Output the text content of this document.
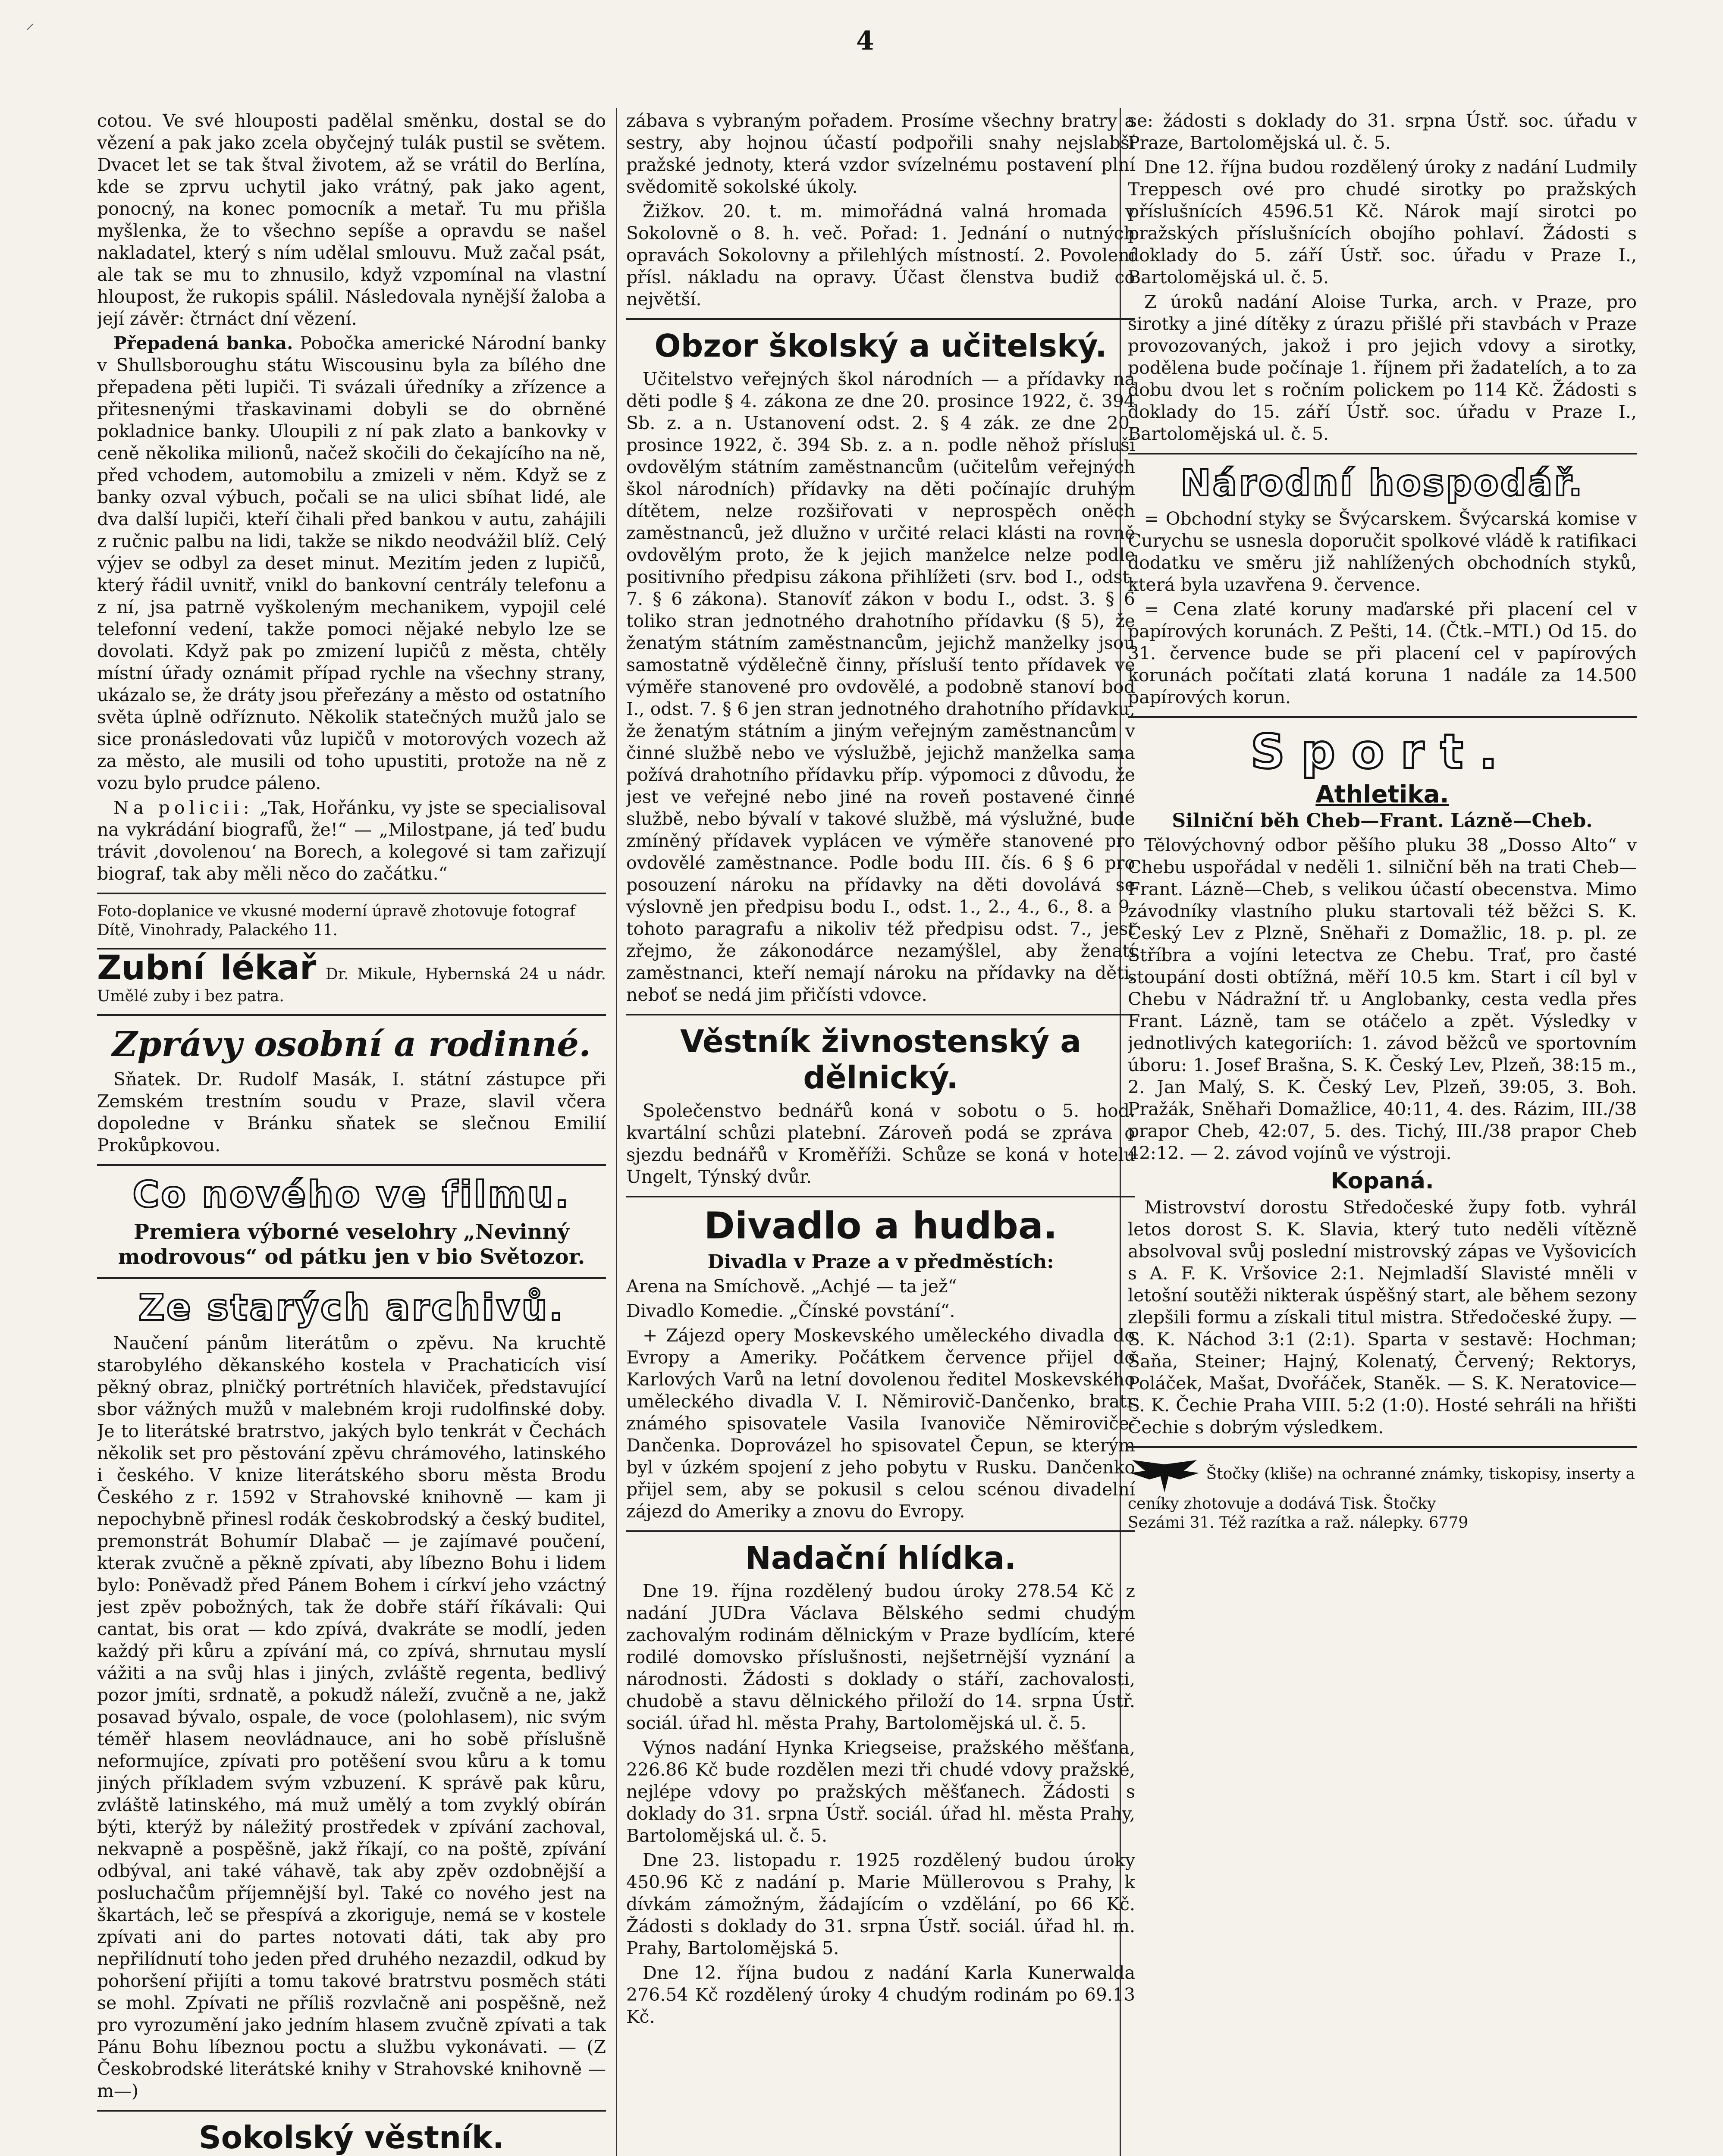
⸍	4

cotou. Ve své hlouposti padělal směnku, dostal se do vězení a pak jako zcela obyčejný tulák pustil se světem. Dvacet let se tak štval životem, až se vrátil do Berlína, kde se zprvu uchytil jako vrátný, pak jako agent, ponocný, na konec pomocník a metař. Tu mu přišla myšlenka, že to všechno sepíše a opravdu se našel nakladatel, který s ním udělal smlouvu. Muž začal psát, ale tak se mu to zhnusilo, když vzpomínal na vlastní hloupost, že rukopis spálil. Následovala nynější žaloba a její závěr: čtrnáct dní vězení.

Přepadená banka. Pobočka americké Národní banky v Shullsboroughu státu Wiscousinu byla za bílého dne přepadena pěti lupiči. Ti svázali úředníky a zřízence a přitesnenými třaskavinami dobyli se do obrněné pokladnice banky. Uloupili z ní pak zlato a bankovky v ceně několika milionů, načež skočili do čekajícího na ně, před vchodem, automobilu a zmizeli v něm. Když se z banky ozval výbuch, počali se na ulici sbíhat lidé, ale dva další lupiči, kteří čihali před bankou v autu, zahájili z ručnic palbu na lidi, takže se nikdo neodvážil blíž. Celý výjev se odbyl za deset minut. Mezitím jeden z lupičů, který řádil uvnitř, vnikl do bankovní centrály telefonu a z ní, jsa patrně vyškoleným mechanikem, vypojil celé telefonní vedení, takže pomoci nějaké nebylo lze se dovolati. Když pak po zmizení lupičů z města, chtěly místní úřady oznámit případ rychle na všechny strany, ukázalo se, že dráty jsou přeřezány a město od ostatního světa úplně odříznuto. Několik statečných mužů jalo se sice pronásledovati vůz lupičů v motorových vozech až za město, ale musili od toho upustiti, protože na ně z vozu bylo prudce páleno.

Na policii: „Tak, Hořánku, vy jste se specialisoval na vykrádání biografů, že!“ — „Milostpane, já teď budu trávit ‚dovolenou‘ na Borech, a kolegové si tam zařizují biograf, tak aby měli něco do začátku.“

Foto-doplanice ve vkusné moderní úpravě zhotovuje fotograf Dítě, Vinohrady, Palackého 11.
Zubní lékař Dr. Mikule, Hybernská 24 u nádr. Umělé zuby i bez patra.
Zprávy osobní a rodinné.

Sňatek. Dr. Rudolf Masák, I. státní zástupce při Zemském trestním soudu v Praze, slavil včera dopoledne v Bránku sňatek se slečnou Emilií Prokůpkovou.

Co nového ve filmu.

Premiera výborné veselohry „Nevinný modrovous“ od pátku jen v bio Světozor.

Ze starých archivů.

Naučení pánům literátům o zpěvu. Na kruchtě starobylého děkanského kostela v Prachaticích visí pěkný obraz, plničký portrétních hlaviček, představující sbor vážných mužů v malebném kroji rudolfinské doby. Je to literátské bratrstvo, jakých bylo tenkrát v Čechách několik set pro pěstování zpěvu chrámového, latinského i českého. V knize literátského sboru města Brodu Českého z r. 1592 v Strahovské knihovně — kam ji nepochybně přinesl rodák českobrodský a český buditel, premonstrát Bohumír Dlabač — je zajímavé poučení, kterak zvučně a pěkně zpívati, aby líbezno Bohu i lidem bylo: Poněvadž před Pánem Bohem i církví jeho vzáctný jest zpěv pobožných, tak že dobře stáří říkávali: Qui cantat, bis orat — kdo zpívá, dvakráte se modlí, jeden každý při kůru a zpívání má, co zpívá, shrnutau myslí vážiti a na svůj hlas i jiných, zvláště regenta, bedlivý pozor jmíti, srdnatě, a pokudž náleží, zvučně a ne, jakž posavad bývalo, ospale, de voce (polohlasem), nic svým téměř hlasem neovládnauce, ani ho sobě příslušně neformujíce, zpívati pro potěšení svou kůru a k tomu jiných příkladem svým vzbuzení. K správě pak kůru, zvláště latinského, má muž umělý a tom zvyklý obírán býti, kterýž by náležitý prostředek v zpívání zachoval, nekvapně a pospěšně, jakž říkají, co na poště, zpívání odbýval, ani také váhavě, tak aby zpěv ozdobnější a posluchačům příjemnější byl. Také co nového jest na škartách, leč se přespívá a zkoriguje, nemá se v kostele zpívati ani do partes notovati dáti, tak aby pro nepřilídnutí toho jeden před druhého nezazdil, odkud by pohoršení přijíti a tomu takové bratrstvu posměch státi se mohl. Zpívati ne příliš rozvlačně ani pospěšně, než pro vyrozumění jako jedním hlasem zvučně zpívati a tak Pánu Bohu líbeznou poctu a službu vykonávati. — (Z Českobrodské literátské knihy v Strahovské knihovně —m—)

Sokolský věstník.

zábava s vybraným pořadem. Prosíme všechny bratry a sestry, aby hojnou účastí podpořili snahy nejslabší pražské jednoty, která vzdor svízelnému postavení plní svědomitě sokolské úkoly.

Žižkov. 20. t. m. mimořádná valná hromada v Sokolovně o 8. h. več. Pořad: 1. Jednání o nutných opravách Sokolovny a přilehlých místností. 2. Povolení přísl. nákladu na opravy. Účast členstva budiž co největší.

Obzor školský a učitelský.

Učitelstvo veřejných škol národních — a přídavky na děti podle § 4. zákona ze dne 20. prosince 1922, č. 394 Sb. z. a n. Ustanovení odst. 2. § 4 zák. ze dne 20. prosince 1922, č. 394 Sb. z. a n. podle něhož přísluší ovdovělým státním zaměstnancům (učitelům veřejných škol národních) přídavky na děti počínajíc druhým dítětem, nelze rozšiřovati v neprospěch oněch zaměstnanců, jež dlužno v určité relaci klásti na rovně ovdovělým proto, že k jejich manželce nelze podle positivního předpisu zákona přihlížeti (srv. bod I., odst. 7. § 6 zákona). Stanovíť zákon v bodu I., odst. 3. § 6 toliko stran jednotného drahotního přídavku (§ 5), že ženatým státním zaměstnancům, jejichž manželky jsou samostatně výdělečně činny, přísluší tento přídavek ve výměře stanovené pro ovdovělé, a podobně stanoví bod I., odst. 7. § 6 jen stran jednotného drahotního přídavku, že ženatým státním a jiným veřejným zaměstnancům v činné službě nebo ve výslužbě, jejichž manželka sama požívá drahotního přídavku příp. výpomoci z důvodu, že jest ve veřejné nebo jiné na roveň postavené činné službě, nebo bývalí v takové službě, má výslužné, bude zmíněný přídavek vyplácen ve výměře stanovené pro ovdovělé zaměstnance. Podle bodu III. čís. 6 § 6 pro posouzení nároku na přídavky na děti dovolává se výslovně jen předpisu bodu I., odst. 1., 2., 4., 6., 8. a 9. tohoto paragrafu a nikoliv též předpisu odst. 7., jest zřejmo, že zákonodárce nezamýšlel, aby ženatí zaměstnanci, kteří nemají nároku na přídavky na děti, neboť se nedá jim přičísti vdovce.

Věstník živnostenský a dělnický.

Společenstvo bednářů koná v sobotu o 5. hod. kvartální schůzi platební. Zároveň podá se zpráva o sjezdu bednářů v Kroměříži. Schůze se koná v hotelu Ungelt, Týnský dvůr.

Divadlo a hudba.
Divadla v Praze a v předměstích:

Arena na Smíchově. „Achjé — ta jež“

Divadlo Komedie. „Čínské povstání“.

+ Zájezd opery Moskevského uměleckého divadla do Evropy a Ameriky. Počátkem července přijel do Karlových Varů na letní dovolenou ředitel Moskevského uměleckého divadla V. I. Němirovič-Dančenko, bratr známého spisovatele Vasila Ivanoviče Němiroviče-Dančenka. Doprovázel ho spisovatel Čepun, se kterým byl v úzkém spojení z jeho pobytu v Rusku. Dančenko přijel sem, aby se pokusil s celou scénou divadelní zájezd do Ameriky a znovu do Evropy.

Nadační hlídka.

Dne 19. října rozdělený budou úroky 278.54 Kč z nadání JUDra Václava Bělského sedmi chudým zachovalým rodinám dělnickým v Praze bydlícím, které rodilé domovsko příslušnosti, nejšetrnější vyznání a národnosti. Žádosti s doklady o stáří, zachovalosti, chudobě a stavu dělnického přiloží do 14. srpna Ústř. sociál. úřad hl. města Prahy, Bartolomějská ul. č. 5.

Výnos nadání Hynka Kriegseise, pražského měšťana, 226.86 Kč bude rozdělen mezi tři chudé vdovy pražské, nejlépe vdovy po pražských měšťanech. Žádosti s doklady do 31. srpna Ústř. sociál. úřad hl. města Prahy, Bartolomějská ul. č. 5.

Dne 23. listopadu r. 1925 rozdělený budou úroky 450.96 Kč z nadání p. Marie Müllerovou s Prahy, k dívkám zámožným, žádajícím o vzdělání, po 66 Kč. Žádosti s doklady do 31. srpna Ústř. sociál. úřad hl. m. Prahy, Bartolomějská 5.

Dne 12. října budou z nadání Karla Kunerwalda 276.54 Kč rozdělený úroky 4 chudým rodinám po 69.13 Kč.

se: žádosti s doklady do 31. srpna Ústř. soc. úřadu v Praze, Bartolomějská ul. č. 5.

Dne 12. října budou rozdělený úroky z nadání Ludmily Treppesch ové pro chudé sirotky po pražských příslušnících 4596.51 Kč. Nárok mají sirotci po pražských příslušnících obojího pohlaví. Žádosti s doklady do 5. září Ústř. soc. úřadu v Praze I., Bartolomějská ul. č. 5.

Z úroků nadání Aloise Turka, arch. v Praze, pro sirotky a jiné dítěky z úrazu přišlé při stavbách v Praze provozovaných, jakož i pro jejich vdovy a sirotky, podělena bude počínaje 1. říjnem při žadatelích, a to za dobu dvou let s ročním polickem po 114 Kč. Žádosti s doklady do 15. září Ústř. soc. úřadu v Praze I., Bartolomějská ul. č. 5.

Národní hospodář.

= Obchodní styky se Švýcarskem. Švýcarská komise v Curychu se usnesla doporučit spolkové vládě k ratifikaci dodatku ve směru již nahlížených obchodních styků, která byla uzavřena 9. července.

= Cena zlaté koruny maďarské při placení cel v papírových korunách. Z Pešti, 14. (Čtk.–MTI.) Od 15. do 31. července bude se při placení cel v papírových korunách počítati zlatá koruna 1 nadále za 14.500 papírových korun.

Sport.
Athletika.
Silniční běh Cheb—Frant. Lázně—Cheb.

Tělovýchovný odbor pěšího pluku 38 „Dosso Alto“ v Chebu uspořádal v neděli 1. silniční běh na trati Cheb—Frant. Lázně—Cheb, s velikou účastí obecenstva. Mimo závodníky vlastního pluku startovali též běžci S. K. Český Lev z Plzně, Sněhaři z Domažlic, 18. p. pl. ze Stříbra a vojíni letectva ze Chebu. Trať, pro časté stoupání dosti obtížná, měří 10.5 km. Start i cíl byl v Chebu v Nádražní tř. u Anglobanky, cesta vedla přes Frant. Lázně, tam se otáčelo a zpět. Výsledky v jednotlivých kategoriích: 1. závod běžců ve sportovním úboru: 1. Josef Brašna, S. K. Český Lev, Plzeň, 38:15 m., 2. Jan Malý, S. K. Český Lev, Plzeň, 39:05, 3. Boh. Pražák, Sněhaři Domažlice, 40:11, 4. des. Rázim, III./38 prapor Cheb, 42:07, 5. des. Tichý, III./38 prapor Cheb 42:12. — 2. závod vojínů ve výstroji.

Kopaná.

Mistrovství dorostu Středočeské župy fotb. vyhrál letos dorost S. K. Slavia, který tuto neděli vítězně absolvoval svůj poslední mistrovský zápas ve Vyšovicích s A. F. K. Vršovice 2:1. Nejmladší Slavisté mněli v letošní soutěži nikterak úspěšný start, ale během sezony zlepšili formu a získali titul mistra. Středočeské župy. — S. K. Náchod 3:1 (2:1). Sparta v sestavě: Hochman; Šaňa, Steiner; Hajný, Kolenatý, Červený; Rektorys, Poláček, Mašat, Dvořáček, Staněk. — S. K. Neratovice—S. K. Čechie Praha VIII. 5:2 (1:0). Hosté sehráli na hřišti Čechie s dobrým výsledkem.

Štočky (kliše) na ochranné známky, tiskopisy, inserty a ceníky zhotovuje a dodává Tisk. Štočky
Sezámi 31. Též razítka a raž. nálepky. 6779
